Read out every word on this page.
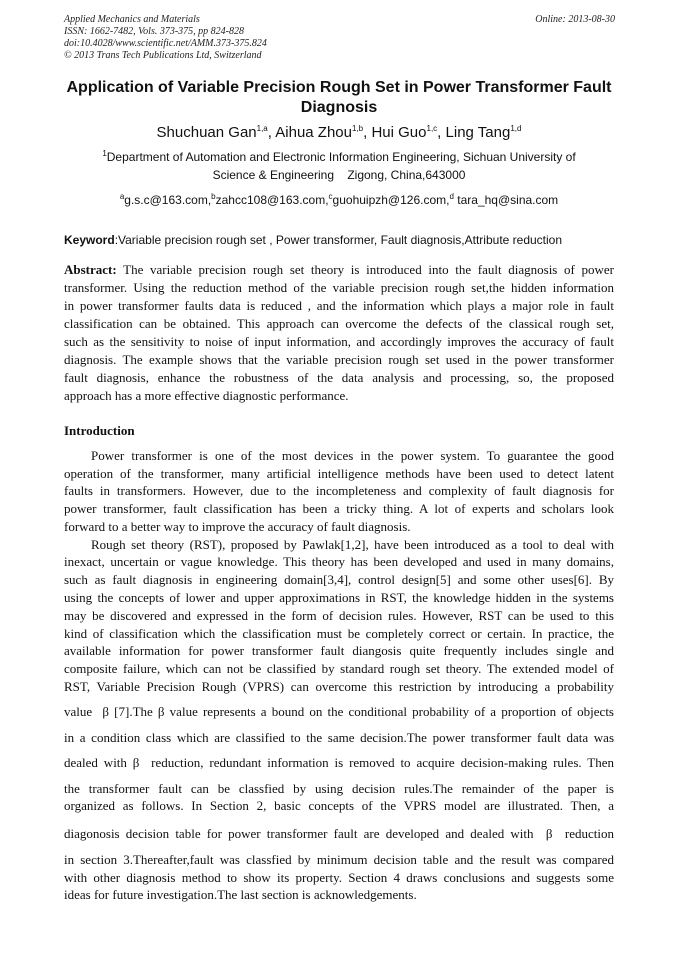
Applied Mechanics and Materials
ISSN: 1662-7482, Vols. 373-375, pp 824-828
doi:10.4028/www.scientific.net/AMM.373-375.824
© 2013 Trans Tech Publications Ltd, Switzerland
Online: 2013-08-30
Application of Variable Precision Rough Set in Power Transformer Fault
Diagnosis
Shuchuan Gan$^{1,a}$, Aihua Zhou$^{1,b}$, Hui Guo$^{1,c}$, Ling Tang$^{1,d}$
$^1$Department of Automation and Electronic Information Engineering, Sichuan University of
Science & Engineering    Zigong, China,643000
$^a$g.s.c@163.com,$^b$zahcc108@163.com,$^c$guohuipzh@126.com,$^d$ tara_hq@sina.com
Keyword:Variable precision rough set , Power transformer, Fault diagnosis,Attribute reduction
Abstract: The variable precision rough set theory is introduced into the fault diagnosis of power
transformer. Using the reduction method of the variable precision rough set,the hidden information
in power transformer faults data is reduced , and the information which plays a major role in fault
classification can be obtained. This approach can overcome the defects of the classical rough set,
such as the sensitivity to noise of input information, and accordingly improves the accuracy of fault
diagnosis. The example shows that the variable precision rough set used in the power transformer
fault diagnosis, enhance the robustness of the data analysis and processing, so, the proposed
approach has a more effective diagnostic performance.
Introduction
Power transformer is one of the most devices in the power system. To guarantee the good
operation of the transformer, many artificial intelligence methods have been used to detect latent
faults in transformers. However, due to the incompleteness and complexity of fault diagnosis for
power transformer, fault classification has been a tricky thing. A lot of experts and scholars look
forward to a better way to improve the accuracy of fault diagnosis.
Rough set theory (RST), proposed by Pawlak[1,2], have been introduced as a tool to deal with
inexact, uncertain or vague knowledge. This theory has been developed and used in many domains,
such as fault diagnosis in engineering domain[3,4], control design[5] and some other uses[6]. By
using the concepts of lower and upper approximations in RST, the knowledge hidden in the systems
may be discovered and expressed in the form of decision rules. However, RST can be used to this
kind of classification which the classification must be completely correct or certain. In practice, the
available information for power transformer fault diangosis quite frequently includes single and
composite failure, which can not be classified by standard rough set theory. The extended model of
RST, Variable Precision Rough (VPRS) can overcome this restriction by introducing a probability
value  β [7].The β value represents a bound on the conditional probability of a proportion of objects
in a condition class which are classified to the same decision.The power transformer fault data was
dealed with β  reduction, redundant information is removed to acquire decision-making rules. Then
the transformer fault can be classfied by using decision rules.The remainder of the paper is
organized as follows. In Section 2, basic concepts of the VPRS model are illustrated. Then, a
diagonosis decision table for power transformer fault are developed and dealed with  β  reduction
in section 3.Thereafter,fault was classfied by minimum decision table and the result was compared
with other diagnosis method to show its property. Section 4 draws conclusions and suggests some
ideas for future investigation.The last section is acknowledgements.
